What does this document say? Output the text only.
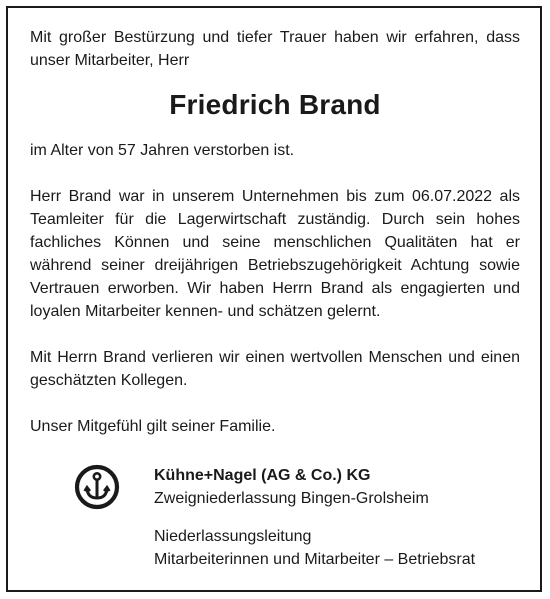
Mit großer Bestürzung und tiefer Trauer haben wir erfahren, dass unser Mitarbeiter, Herr

Friedrich Brand

im Alter von 57 Jahren verstorben ist.

Herr Brand war in unserem Unternehmen bis zum 06.07.2022 als Teamleiter für die Lagerwirtschaft zuständig. Durch sein hohes fachliches Können und seine menschlichen Qualitäten hat er während seiner dreijährigen Betriebszugehörigkeit Achtung sowie Vertrauen erworben. Wir haben Herrn Brand als engagierten und loyalen Mitarbeiter kennen- und schätzen gelernt.

Mit Herrn Brand verlieren wir einen wertvollen Menschen und einen geschätzten Kollegen.

Unser Mitgefühl gilt seiner Familie.

Kühne+Nagel (AG & Co.) KG

Zweigniederlassung Bingen-Grolsheim

Niederlassungsleitung

Mitarbeiterinnen und Mitarbeiter – Betriebsrat
